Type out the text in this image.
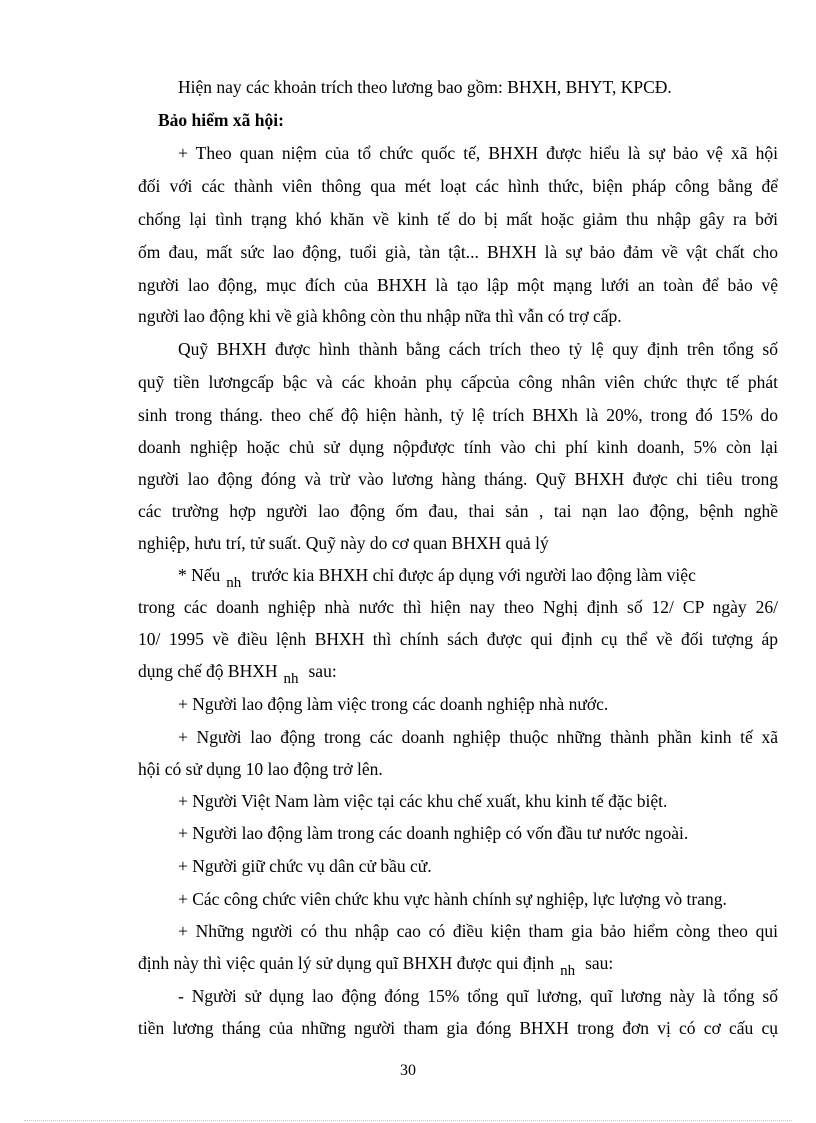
Hiện nay các khoản trích theo lương bao gồm: BHXH, BHYT, KPCĐ.
Bảo hiểm xã hội:
+ Theo quan niệm của tổ chức quốc tế, BHXH được hiểu là sự bảo vệ xã hội
đối với các thành viên thông qua mét loạt các hình thức, biện pháp công bằng để
chống lại tình trạng khó khăn về kinh tế do bị mất hoặc giảm thu nhập gây ra bởi
ốm đau, mất sức lao động, tuổi già, tàn tật... BHXH là sự bảo đảm về vật chất cho
người lao động, mục đích của BHXH là tạo lập một mạng lưới an toàn để bảo vệ
người lao động khi về già không còn thu nhập nữa thì vẫn có trợ cấp.
Quỹ BHXH được hình thành bằng cách trích theo tỷ lệ quy định trên tổng số
quỹ tiền lươngcấp bậc và các khoản phụ cấpcủa công nhân viên chức thực tế phát
sinh trong tháng. theo chế độ hiện hành, tỷ lệ trích BHXh là 20%, trong đó 15% do
doanh nghiệp hoặc chủ sử dụng nộpđược tính vào chi phí kinh doanh, 5% còn lại
người lao động đóng và trừ vào lương hàng tháng. Quỹ BHXH được chi tiêu trong
các trường hợp người lao động ốm đau, thai sản , tai nạn lao động, bệnh nghề
nghiệp, hưu trí, tử suất. Quỹ này do cơ quan BHXH quả lý
* Nếu nh trước kia BHXH chỉ được áp dụng với người lao động làm việc
trong các doanh nghiệp nhà nước thì hiện nay theo Nghị định số 12/ CP ngày 26/
10/ 1995 về điều lệnh BHXH thì chính sách được qui định cụ thể về đối tượng áp
dụng chế độ BHXH nh sau:
+ Người lao động làm việc trong các doanh nghiệp nhà nước.
+ Người lao động trong các doanh nghiệp thuộc những thành phần kinh tế xã
hội có sử dụng 10 lao động trở lên.
+ Người Việt Nam làm việc tại các khu chế xuất, khu kinh tế đặc biệt.
+ Người lao động làm trong các doanh nghiệp có vốn đầu tư nước ngoài.
+ Người giữ chức vụ dân cử bầu cử.
+ Các công chức viên chức khu vực hành chính sự nghiệp, lực lượng vò trang.
+ Những người có thu nhập cao có điều kiện tham gia bảo hiểm còng theo qui
định này thì việc quản lý sử dụng quĩ BHXH được qui định nh sau:
- Người sử dụng lao động đóng 15% tổng quĩ lương, quĩ lương này là tổng số
tiền lương tháng của những người tham gia đóng BHXH trong đơn vị có cơ cấu cụ
30
